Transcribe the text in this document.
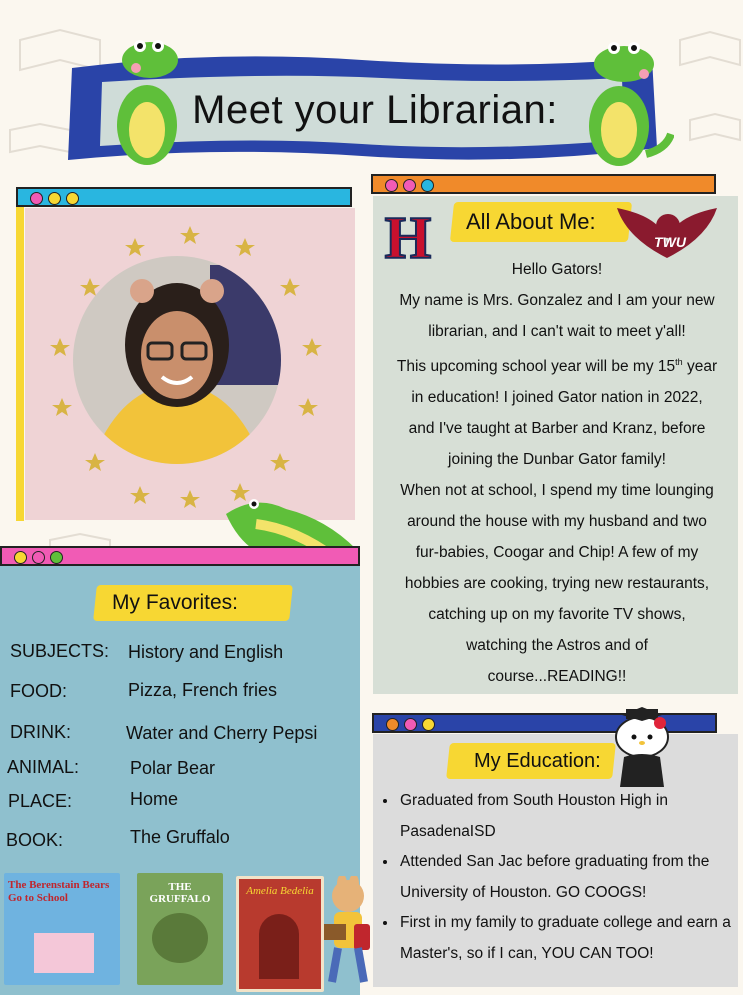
Meet your Librarian:
My Favorites:
SUBJECTS: History and English
FOOD:	Pizza, French fries
DRINK:	Water and Cherry Pepsi
ANIMAL:	Polar Bear
PLACE:	Home
BOOK:	The Gruffalo
The Berenstain Bears Go to School
THE GRUFFALO
Amelia Bedelia
All About Me:
H	TWU

Hello Gators!

My name is Mrs. Gonzalez and I am your new

librarian, and I can't wait to meet y'all!

This upcoming school year will be my 15th year

in education! I joined Gator nation in 2022,

and I've taught at Barber and Kranz, before

joining the Dunbar Gator family!

When not at school, I spend my time lounging

around the house with my husband and two

fur-babies, Coogar and Chip! A few of my

hobbies are cooking, trying new restaurants,

catching up on my favorite TV shows,

watching the Astros and of

course...READING!!

My Education:
• Graduated from South Houston High in PasadenaISD
• Attended San Jac before graduating from the University of Houston. GO COOGS!
• First in my family to graduate college and earn a Master's, so if I can, YOU CAN TOO!
